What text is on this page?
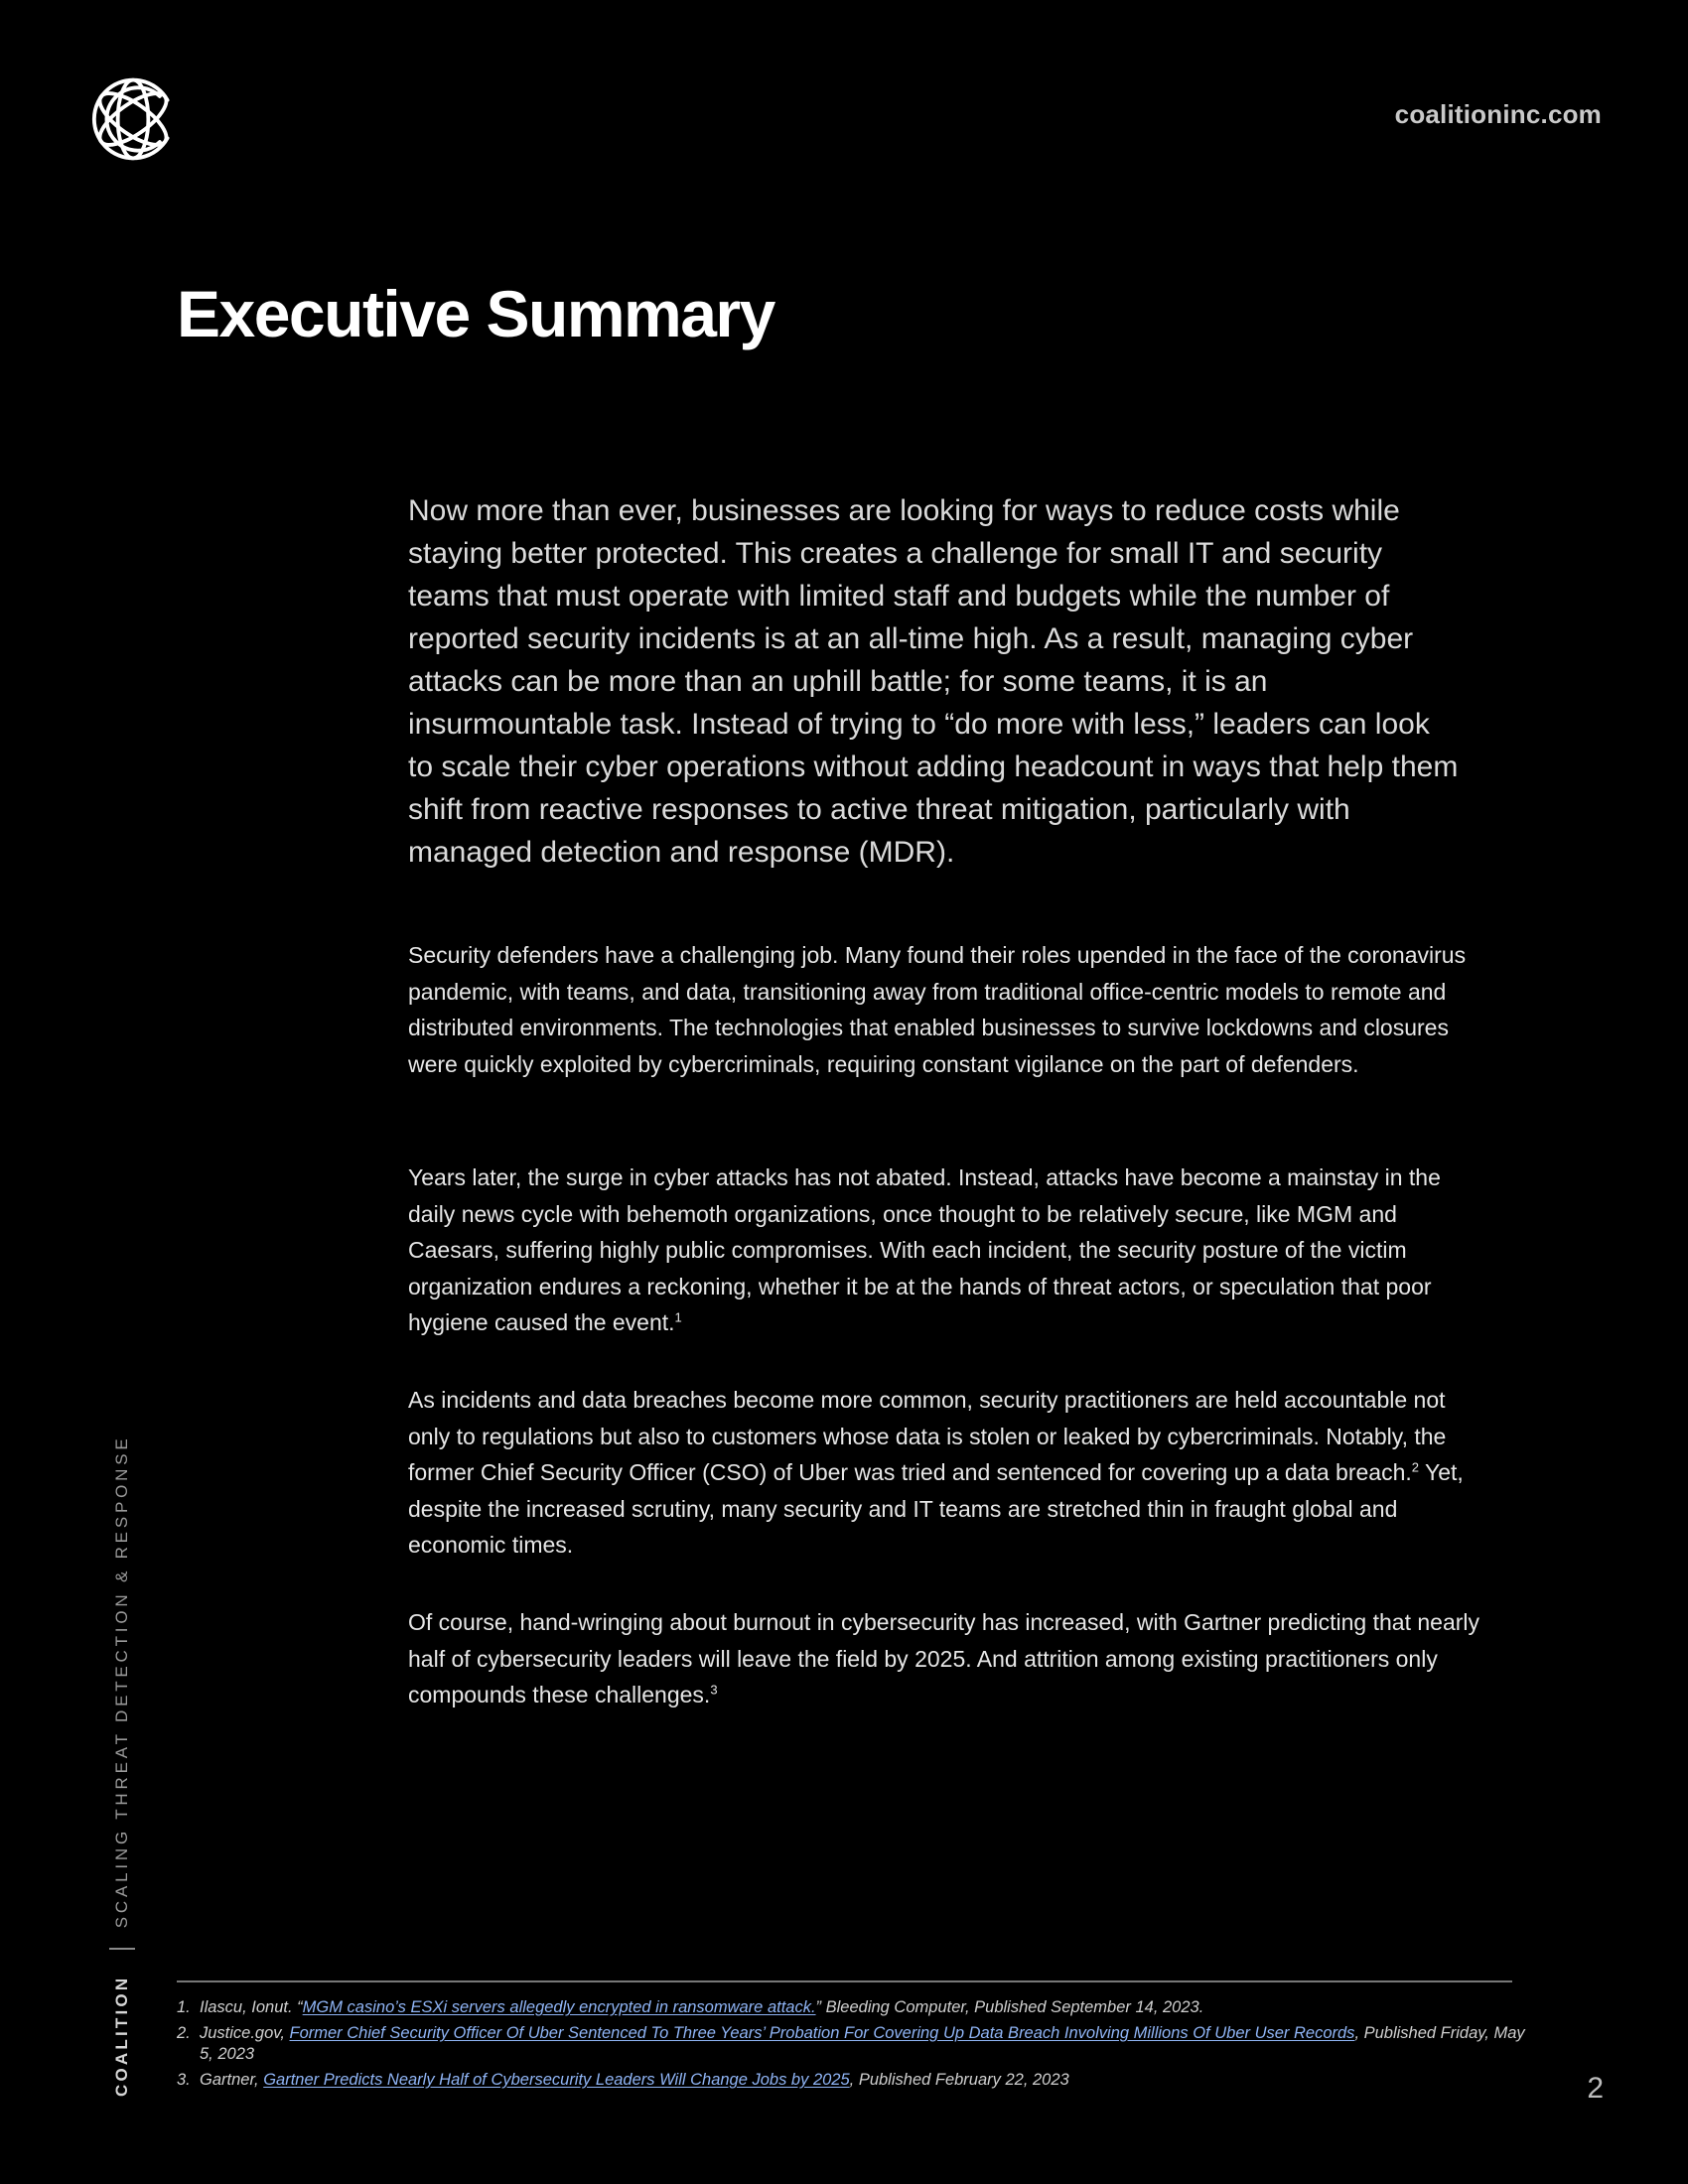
coalitioninc.com
Executive Summary

Now more than ever, businesses are looking for ways to reduce costs while staying better protected. This creates a challenge for small IT and security teams that must operate with limited staff and budgets while the number of reported security incidents is at an all-time high. As a result, managing cyber attacks can be more than an uphill battle; for some teams, it is an insurmountable task. Instead of trying to “do more with less,” leaders can look to scale their cyber operations without adding headcount in ways that help them shift from reactive responses to active threat mitigation, particularly with managed detection and response (MDR).

Security defenders have a challenging job. Many found their roles upended in the face of the coronavirus pandemic, with teams, and data, transitioning away from traditional office-centric models to remote and distributed environments. The technologies that enabled businesses to survive lockdowns and closures were quickly exploited by cybercriminals, requiring constant vigilance on the part of defenders.

Years later, the surge in cyber attacks has not abated. Instead, attacks have become a mainstay in the daily news cycle with behemoth organizations, once thought to be relatively secure, like MGM and Caesars, suffering highly public compromises. With each incident, the security posture of the victim organization endures a reckoning, whether it be at the hands of threat actors, or speculation that poor hygiene caused the event.$^1$

As incidents and data breaches become more common, security practitioners are held accountable not only to regulations but also to customers whose data is stolen or leaked by cybercriminals. Notably, the former Chief Security Officer (CSO) of Uber was tried and sentenced for covering up a data breach.$^2$ Yet, despite the increased scrutiny, many security and IT teams are stretched thin in fraught global and economic times.

Of course, hand-wringing about burnout in cybersecurity has increased, with Gartner predicting that nearly half of cybersecurity leaders will leave the field by 2025. And attrition among existing practitioners only compounds these challenges.$^3$

COALITION
SCALING THREAT DETECTION & RESPONSE
1. Ilascu, Ionut. “MGM casino’s ESXi servers allegedly encrypted in ransomware attack.” Bleeding Computer, Published September 14, 2023.
2. Justice.gov, Former Chief Security Officer Of Uber Sentenced To Three Years’ Probation For Covering Up Data Breach Involving Millions Of Uber User Records, Published Friday, May 5, 2023
3. Gartner, Gartner Predicts Nearly Half of Cybersecurity Leaders Will Change Jobs by 2025, Published February 22, 2023	2
